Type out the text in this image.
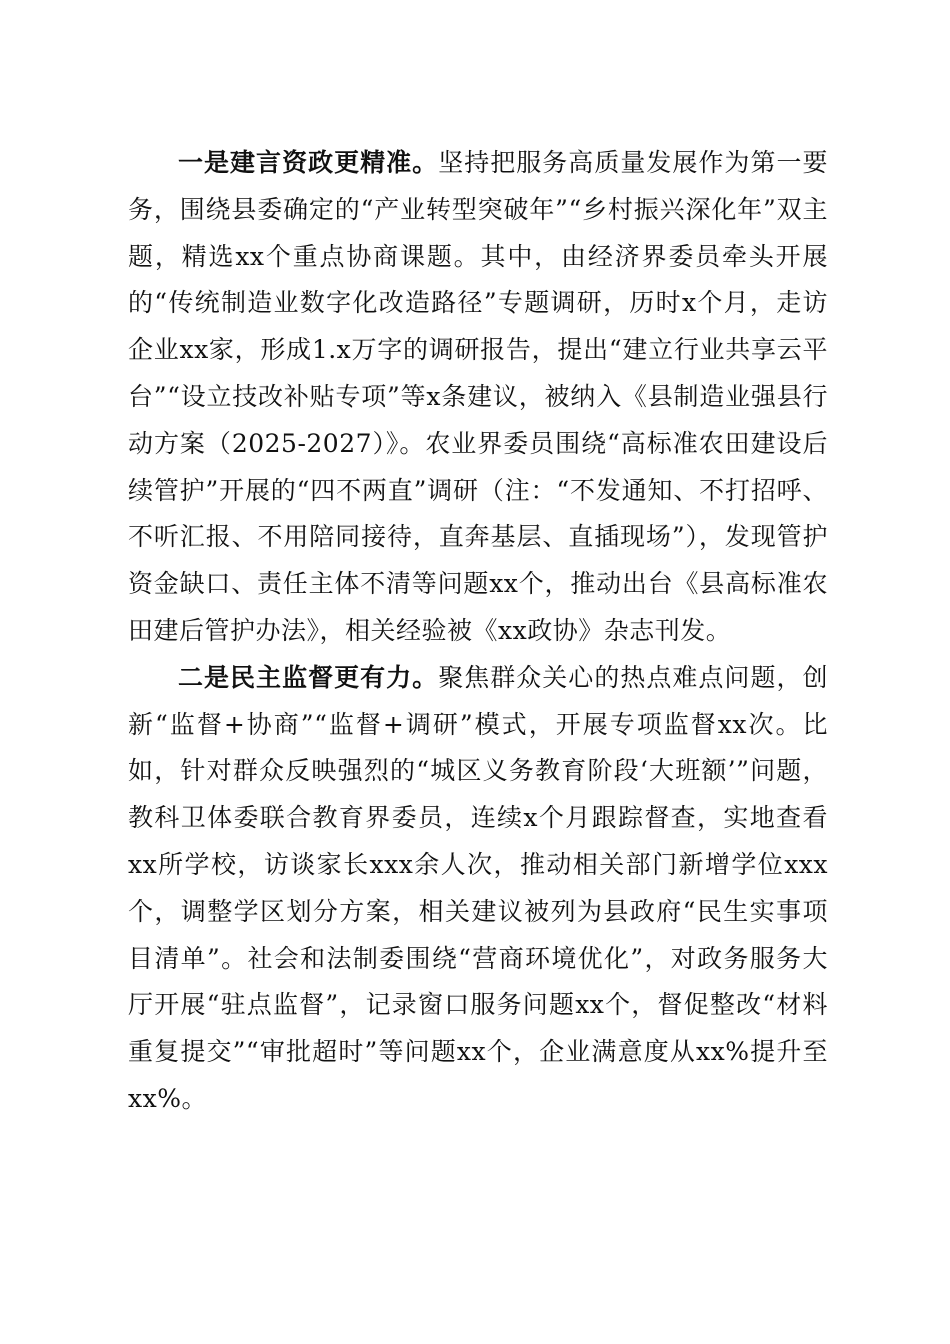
一是建言资政更精准。坚持把服务高质量发展作为第一要务，围绕县委确定的“产业转型突破年”“乡村振兴深化年”双主题，精选xx个重点协商课题。其中，由经济界委员牵头开展的“传统制造业数字化改造路径”专题调研，历时x个月，走访企业xx家，形成1.x万字的调研报告，提出“建立行业共享云平台”“设立技改补贴专项”等x条建议，被纳入《县制造业强县行动方案（2025-2027）》。农业界委员围绕“高标准农田建设后续管护”开展的“四不两直”调研（注：“不发通知、不打招呼、不听汇报、不用陪同接待，直奔基层、直插现场”），发现管护资金缺口、责任主体不清等问题xx个，推动出台《县高标准农田建后管护办法》，相关经验被《xx政协》杂志刊发。

二是民主监督更有力。聚焦群众关心的热点难点问题，创新“监督+协商”“监督+调研”模式，开展专项监督xx次。比如，针对群众反映强烈的“城区义务教育阶段‘大班额’”问题，教科卫体委联合教育界委员，连续x个月跟踪督查，实地查看xx所学校，访谈家长xxx余人次，推动相关部门新增学位xxx个，调整学区划分方案，相关建议被列为县政府“民生实事项目清单”。社会和法制委围绕“营商环境优化”，对政务服务大厅开展“驻点监督”，记录窗口服务问题xx个，督促整改“材料重复提交”“审批超时”等问题xx个，企业满意度从xx%提升至xx%。
